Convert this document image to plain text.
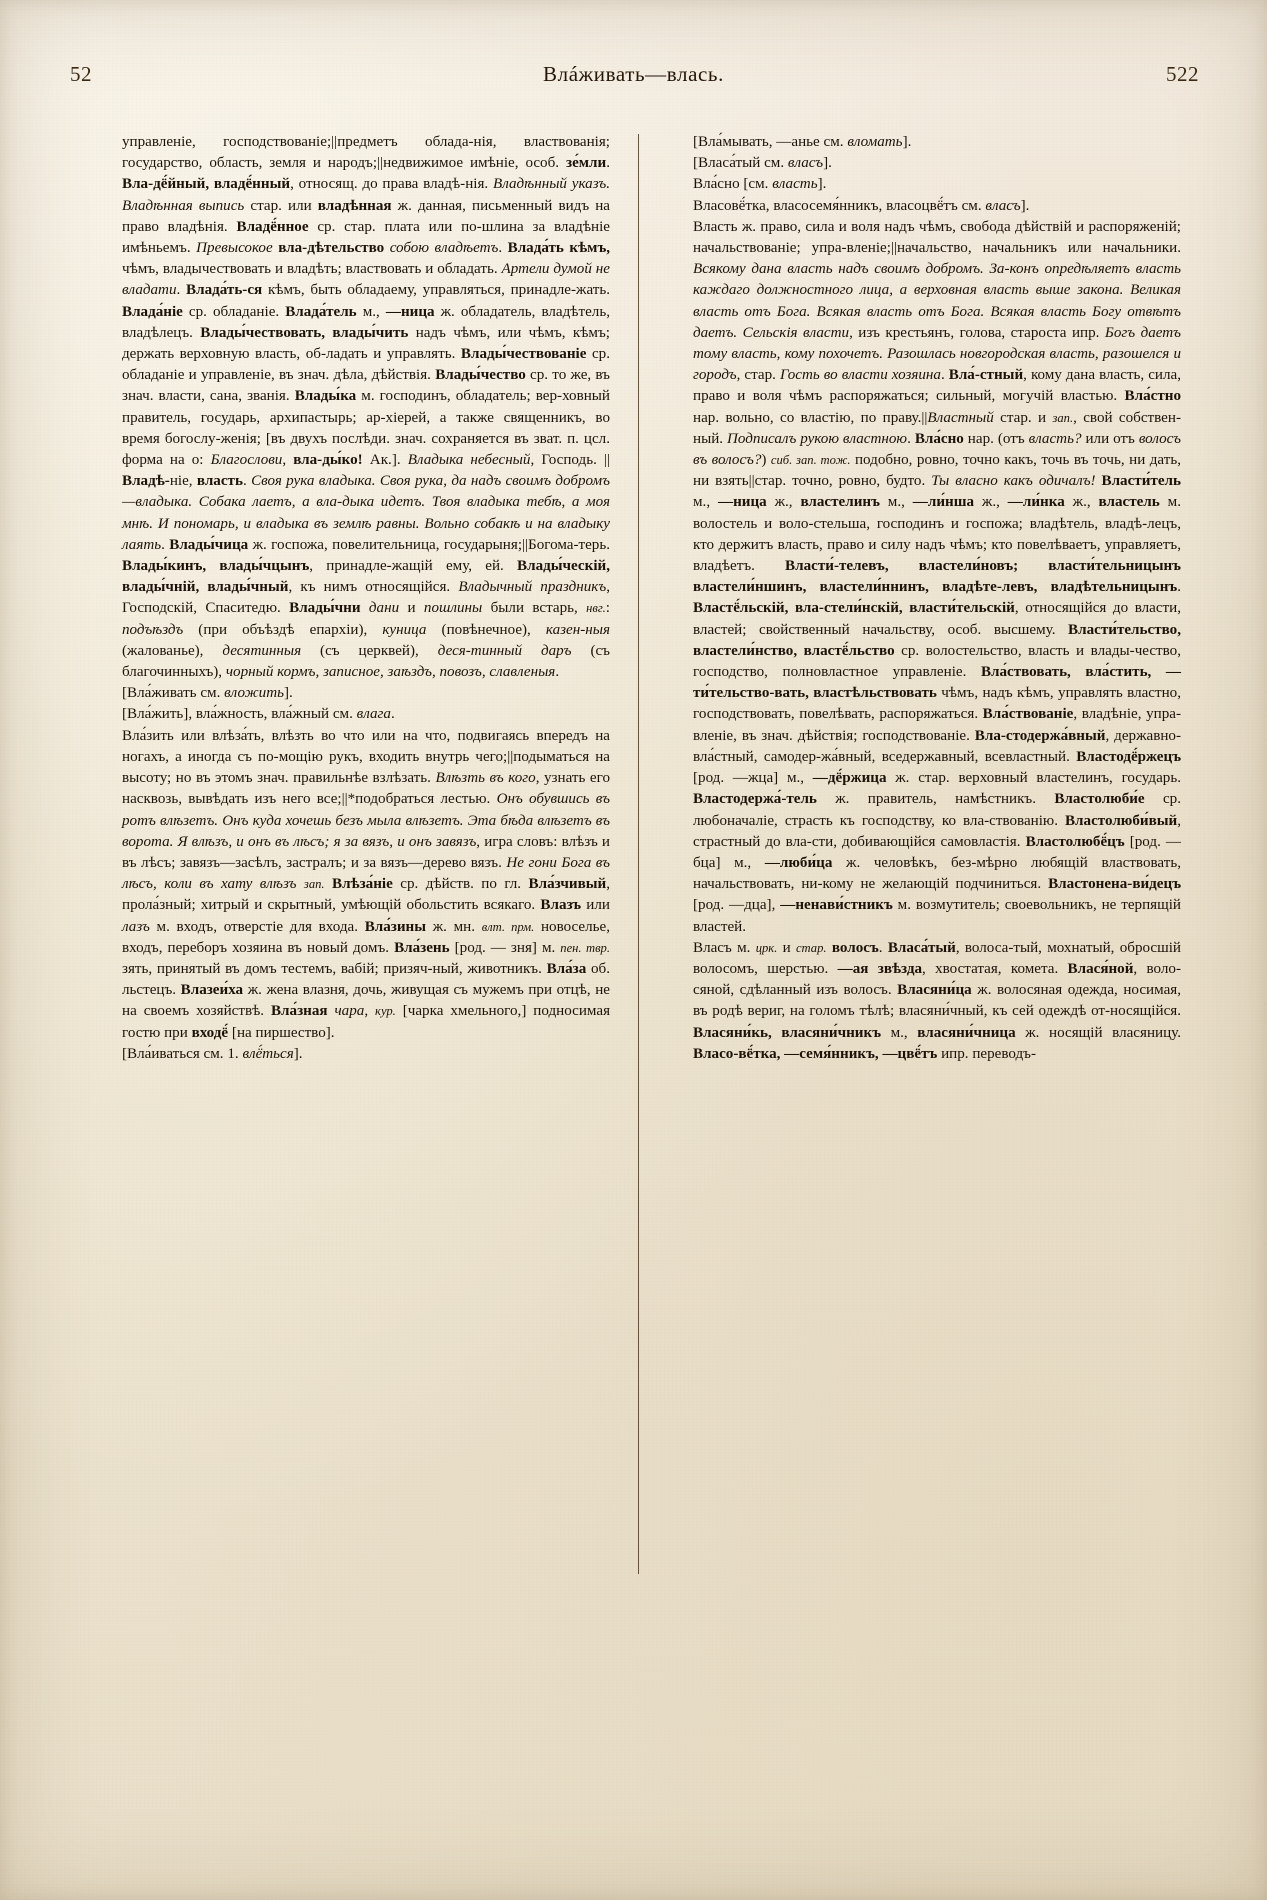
52	Влáживать—влась.	522

управленіе, господствованіе;||предметъ облада-нія, властвованія; государство, область, земля и народъ;||недвижимое имѣніе, особ. зе́мли. Вла-дё́йный, владё́нный, относящ. до права владѣ-нія. Владѣнный указъ. Владѣнная выпись стар. или владѣнная ж. данная, письменный видъ на право владѣнія. Владё́нное ср. стар. плата или по-шлина за владѣніе имѣньемъ. Превысокое вла-дѣтельство собою владѣетъ. Влада́ть кѣмъ, чѣмъ, владычествовать и владѣть; властвовать и обладать. Артели думой не владати. Влада́ть-ся кѣмъ, быть обладаему, управляться, принадле-жать. Влада́ніе ср. обладаніе. Влада́тель м., —ница ж. обладатель, владѣтель, владѣлецъ. Влады́чествовать, влады́чить надъ чѣмъ, или чѣмъ, кѣмъ; держать верховную власть, об-ладать и управлять. Влады́чествованіе ср. обладаніе и управленіе, въ знач. дѣла, дѣйствія. Влады́чество ср. то же, въ знач. власти, сана, званія. Влады́ка м. господинъ, обладатель; вер-ховный правитель, государь, архипастырь; ар-хіерей, а также священникъ, во время богослу-женія; [въ двухъ послѣди. знач. сохраняется въ зват. п. цсл. форма на о: Благослови, вла-ды́ко! Ак.]. Владыка небесный, Господь. ||Владѣ-ніе, власть. Своя рука владыка. Своя рука, да надъ своимъ добромъ—владыка. Собака лаетъ, а вла-дыка идетъ. Твоя владыка тебѣ, а моя мнѣ. И пономарь, и владыка въ землѣ равны. Вольно собакѣ и на владыку лаять. Влады́чица ж. госпожа, повелительница, государыня;||Богома-терь. Влады́кинъ, влады́чцынъ, принадле-жащій ему, ей. Влады́ческій, влады́чній, влады́чный, къ нимъ относящійся. Владычный праздникъ, Господскій, Спаситедю. Влады́чни дани и пошлины были встарь, нвг.: подъѣздъ (при объѣздѣ епархіи), куница (повѣнечное), казен-ныя (жалованье), десятинныя (съ церквей), деся-тинный даръ (съ благочинныхъ), чорный кормъ, записное, заѣздъ, повозъ, славленыя.

[Вла́живать см. вложить].

[Вла́жить], вла́жность, вла́жный см. влага.

Вла́зить или влѣза́ть, влѣзть во что или на что, подвигаясь впередъ на ногахъ, а иногда съ по-мощію рукъ, входить внутрь чего;||подыматься на высоту; но въ этомъ знач. правильнѣе взлѣзать. Влѣзть въ кого, узнать его насквозь, вывѣдать изъ него все;||*подобраться лестью. Онъ обувшись въ ротъ влѣзетъ. Онъ куда хочешь безъ мыла влѣзетъ. Эта бѣда влѣзетъ въ ворота. Я влѣзъ, и онъ въ лѣсъ; я за вязъ, и онъ завязъ, игра словъ: влѣзъ и въ лѣсъ; завязъ—засѣлъ, застралъ; и за вязъ—дерево вязъ. Не гони Бога въ лѣсъ, коли въ хату влѣзъ зап. Влѣза́ніе ср. дѣйств. по гл. Вла́зчивый, прола́зный; хитрый и скрытный, умѣющій обольстить всякаго. Влазъ или лазъ м. входъ, отверстіе для входа. Вла́зины ж. мн. влт. прм. новоселье, входъ, переборъ хозяина въ новый домъ. Вла́зень [род. — зня] м. пен. твр. зять, принятый въ домъ тестемъ, вабій; призяч-ный, животникъ. Вла́за об. льстецъ. Влазеи́ха ж. жена влазня, дочь, живущая съ мужемъ при отцѣ, не на своемъ хозяйствѣ. Вла́зная чара, кур. [чарка хмельного,] подносимая гостю при входё́ [на пиршество].

[Вла́иваться см. 1. влё́ться].

[Вла́мывать, —анье см. вломать].

[Власа́тый см. власъ].

Вла́сно [см. власть].

Власовё́тка, власосемя́нникъ, власоцвё́тъ см. власъ].

Власть ж. право, сила и воля надъ чѣмъ, свобода дѣйствій и распоряженій; начальствованіе; упра-вленіе;||начальство, начальникъ или начальники. Всякому дана власть надъ своимъ добромъ. За-конъ опредѣляетъ власть каждаго должностного лица, а верховная власть выше закона. Великая власть отъ Бога. Всякая власть отъ Бога. Всякая власть Богу отвѣтъ даетъ. Сельскія власти, изъ крестьянъ, голова, староста ипр. Богъ даетъ тому власть, кому похочетъ. Разошлась новгородская власть, разошелся и городъ, стар. Гость во власти хозяина. Вла́-стный, кому дана власть, сила, право и воля чѣмъ распоряжаться; сильный, могучій властью. Вла́стно нар. вольно, со властію, по праву.||Властный стар. и зап., свой собствен-ный. Подписалъ рукою властною. Вла́сно нар. (отъ власть? или отъ волосъ въ волосъ?) сиб. зап. тож. подобно, ровно, точно какъ, точь въ точь, ни дать, ни взять||стар. точно, ровно, будто. Ты власно какъ одичалъ! Власти́тель м., —ница ж., властелинъ м., —ли́нша ж., —ли́нка ж., властель м. волостель и воло-стельша, господинъ и госпожа; владѣтель, владѣ-лецъ, кто держитъ власть, право и силу надъ чѣмъ; кто повелѣваетъ, управляетъ, владѣетъ. Власти́-телевъ, властели́новъ; власти́тельницынъ властели́ншинъ, властели́ннинъ, владѣте-левъ, владѣтельницынъ. Властё́льскій, вла-стели́нскій, власти́тельскій, относящійся до власти, властей; свойственный начальству, особ. высшему. Власти́тельство, властели́нство, властё́льство ср. волостельство, власть и влады-чество, господство, полновластное управленіе. Вла́ствовать, вла́стить, —ти́тельство-вать, властѣльствовать чѣмъ, надъ кѣмъ, управлять властно, господствовать, повелѣвать, распоряжаться. Вла́ствованіе, владѣніе, упра-вленіе, въ знач. дѣйствія; господствованіе. Вла-стодержа́вный, державно-вла́стный, самодер-жа́вный, вседержавный, всевластный. Властодё́ржецъ [род. —жца] м., —дё́ржица ж. стар. верховный властелинъ, государь. Властодержа́-тель ж. правитель, намѣстникъ. Властолюби́е ср. любоначаліе, страсть къ господству, ко вла-ствованію. Властолюби́вый, страстный до вла-сти, добивающійся самовластія. Властолюбё́цъ [род. —бца] м., —люби́ца ж. человѣкъ, без-мѣрно любящій властвовать, начальствовать, ни-кому не желающій подчиниться. Властонена-ви́децъ [род. —дца], —ненави́стникъ м. возмутитель; своевольникъ, не терпящій властей.

Власъ м. црк. и стар. волосъ. Власа́тый, волоса-тый, мохнатый, обросшій волосомъ, шерстью. —ая звѣзда, хвостатая, комета. Влася́ной, воло-сяной, сдѣланный изъ волосъ. Власяни́ца ж. волосяная одежда, носимая, въ родѣ вериг, на голомъ тѣлѣ; власяни́чный, къ сей одеждѣ от-носящійся. Власяни́кь, власяни́чникъ м., власяни́чница ж. носящій власяницу. Власо-вё́тка, —семя́нникъ, —цвё́тъ ипр. переводъ-
